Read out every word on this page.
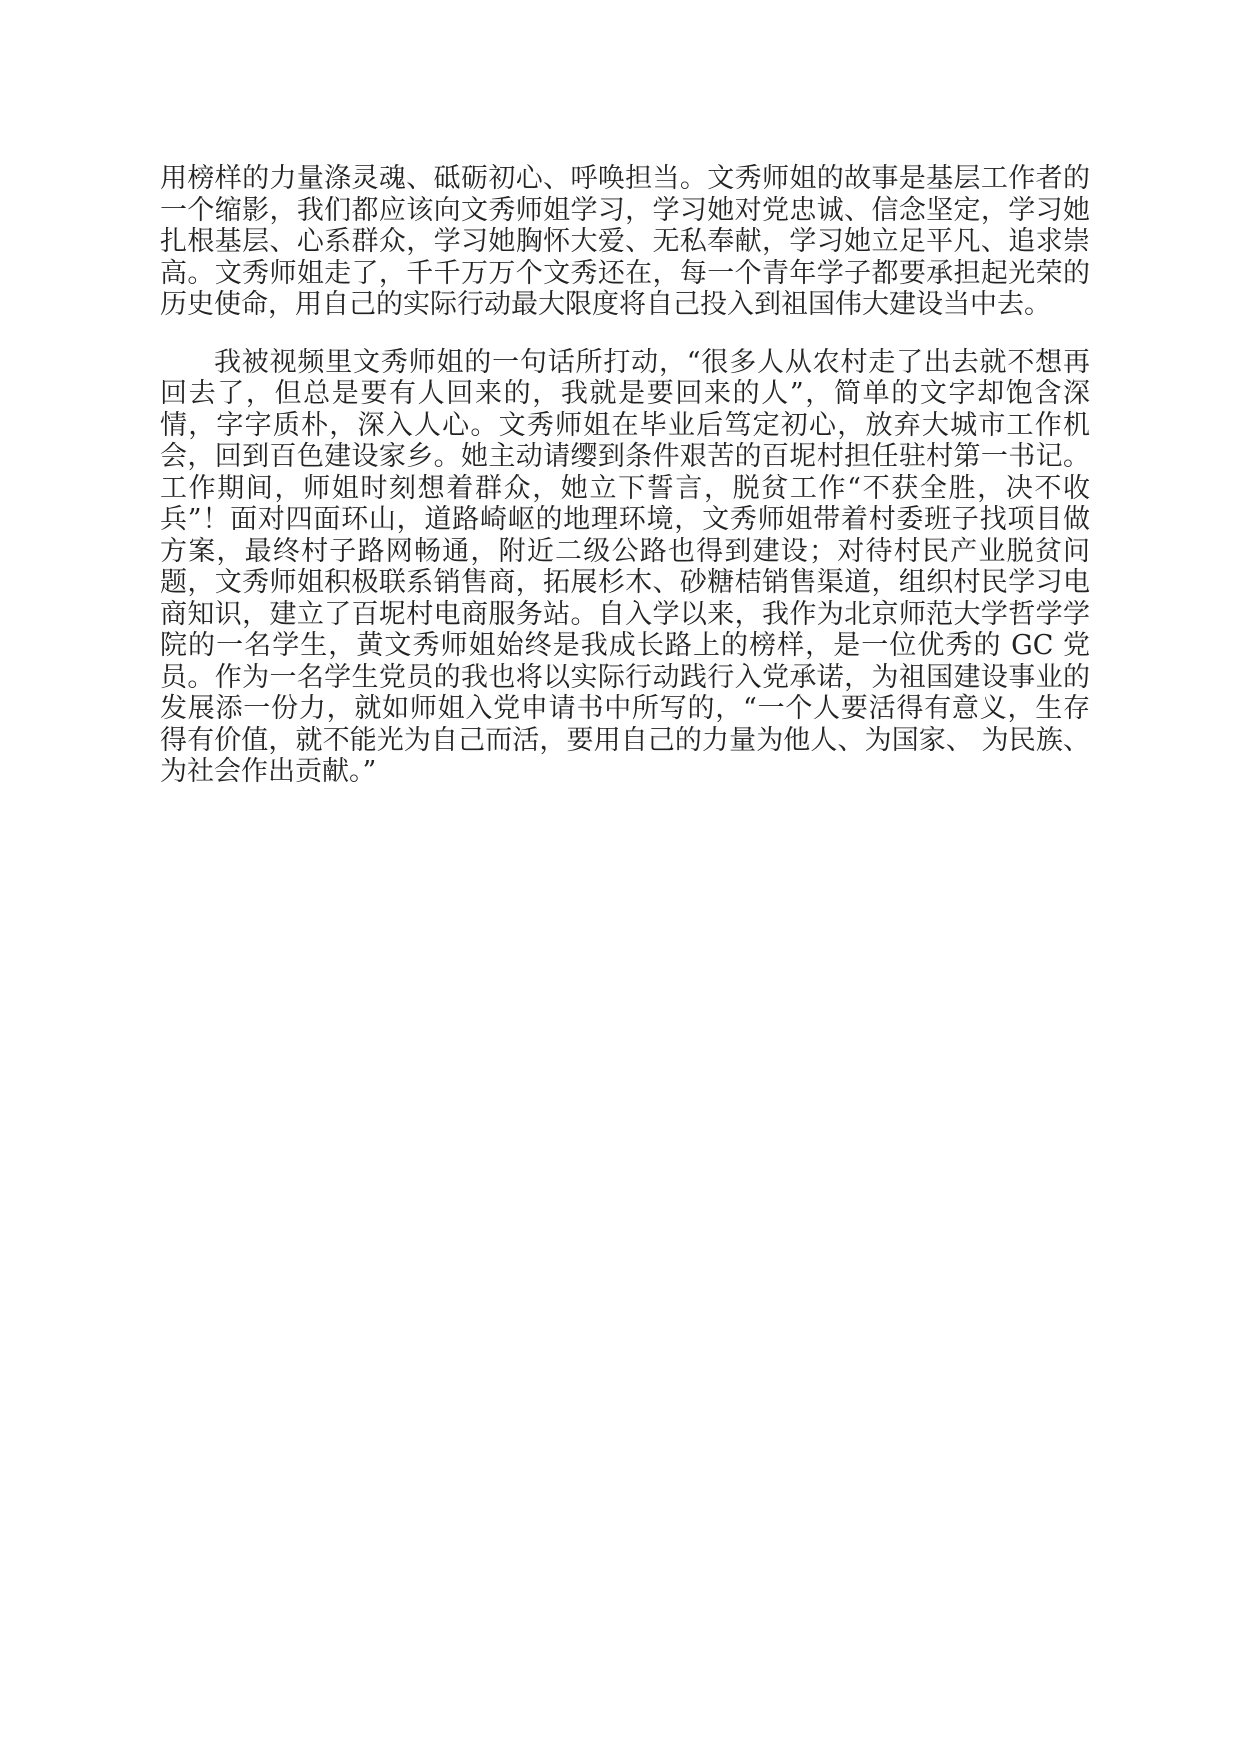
用榜样的力量涤灵魂、砥砺初心、呼唤担当。文秀师姐的故事是基层工作者的一个缩影，我们都应该向文秀师姐学习，学习她对党忠诚、信念坚定，学习她扎根基层、心系群众，学习她胸怀大爱、无私奉献，学习她立足平凡、追求崇高。文秀师姐走了，千千万万个文秀还在，每一个青年学子都要承担起光荣的历史使命，用自己的实际行动最大限度将自己投入到祖国伟大建设当中去。

我被视频里文秀师姐的一句话所打动，“很多人从农村走了出去就不想再回去了，但总是要有人回来的，我就是要回来的人”，简单的文字却饱含深情，字字质朴，深入人心。文秀师姐在毕业后笃定初心，放弃大城市工作机会，回到百色建设家乡。她主动请缨到条件艰苦的百坭村担任驻村第一书记。工作期间，师姐时刻想着群众，她立下誓言，脱贫工作“不获全胜，决不收兵”！面对四面环山，道路崎岖的地理环境，文秀师姐带着村委班子找项目做方案，最终村子路网畅通，附近二级公路也得到建设；对待村民产业脱贫问题，文秀师姐积极联系销售商，拓展杉木、砂糖桔销售渠道，组织村民学习电商知识，建立了百坭村电商服务站。自入学以来，我作为北京师范大学哲学学院的一名学生，黄文秀师姐始终是我成长路上的榜样，是一位优秀的 GC 党员。作为一名学生党员的我也将以实际行动践行入党承诺，为祖国建设事业的发展添一份力，就如师姐入党申请书中所写的，“一个人要活得有意义，生存得有价值，就不能光为自己而活，要用自己的力量为他人、为国家、 为民族、为社会作出贡献。”
